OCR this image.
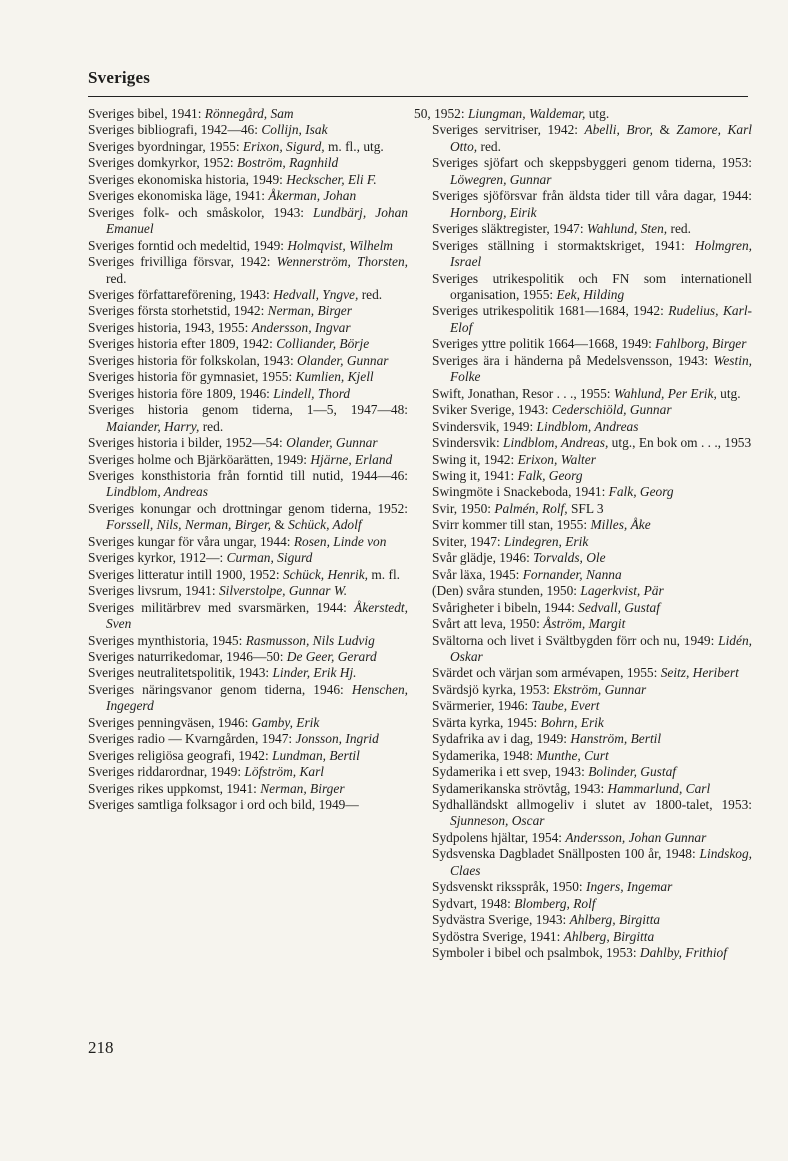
Sveriges

Sveriges bibel, 1941: Rönnegård, Sam

Sveriges bibliografi, 1942—46: Collijn, Isak

Sveriges byordningar, 1955: Erixon, Sigurd, m. fl., utg.

Sveriges domkyrkor, 1952: Boström, Ragnhild

Sveriges ekonomiska historia, 1949: Heckscher, Eli F.

Sveriges ekonomiska läge, 1941: Åkerman, Johan

Sveriges folk- och småskolor, 1943: Lundbärj, Johan Emanuel

Sveriges forntid och medeltid, 1949: Holmqvist, Wilhelm

Sveriges frivilliga försvar, 1942: Wennerström, Thorsten, red.

Sveriges författareförening, 1943: Hedvall, Yngve, red.

Sveriges första storhetstid, 1942: Nerman, Birger

Sveriges historia, 1943, 1955: Andersson, Ingvar

Sveriges historia efter 1809, 1942: Colliander, Börje

Sveriges historia för folkskolan, 1943: Olander, Gunnar

Sveriges historia för gymnasiet, 1955: Kumlien, Kjell

Sveriges historia före 1809, 1946: Lindell, Thord

Sveriges historia genom tiderna, 1—5, 1947—48: Maiander, Harry, red.

Sveriges historia i bilder, 1952—54: Olander, Gunnar

Sveriges holme och Bjärköarätten, 1949: Hjärne, Erland

Sveriges konsthistoria från forntid till nutid, 1944—46: Lindblom, Andreas

Sveriges konungar och drottningar genom tiderna, 1952: Forssell, Nils, Nerman, Birger, & Schück, Adolf

Sveriges kungar för våra ungar, 1944: Rosen, Linde von

Sveriges kyrkor, 1912—: Curman, Sigurd

Sveriges litteratur intill 1900, 1952: Schück, Henrik, m. fl.

Sveriges livsrum, 1941: Silverstolpe, Gunnar W.

Sveriges militärbrev med svarsmärken, 1944: Åkerstedt, Sven

Sveriges mynthistoria, 1945: Rasmusson, Nils Ludvig

Sveriges naturrikedomar, 1946—50: De Geer, Gerard

Sveriges neutralitetspolitik, 1943: Linder, Erik Hj.

Sveriges näringsvanor genom tiderna, 1946: Henschen, Ingegerd

Sveriges penningväsen, 1946: Gamby, Erik

Sveriges radio — Kvarngården, 1947: Jonsson, Ingrid

Sveriges religiösa geografi, 1942: Lundman, Bertil

Sveriges riddarordnar, 1949: Löfström, Karl

Sveriges rikes uppkomst, 1941: Nerman, Birger

Sveriges samtliga folksagor i ord och bild, 1949—

50, 1952: Liungman, Waldemar, utg.

Sveriges servitriser, 1942: Abelli, Bror, & Zamore, Karl Otto, red.

Sveriges sjöfart och skeppsbyggeri genom tiderna, 1953: Löwegren, Gunnar

Sveriges sjöförsvar från äldsta tider till våra dagar, 1944: Hornborg, Eirik

Sveriges släktregister, 1947: Wahlund, Sten, red.

Sveriges ställning i stormaktskriget, 1941: Holmgren, Israel

Sveriges utrikespolitik och FN som internationell organisation, 1955: Eek, Hilding

Sveriges utrikespolitik 1681—1684, 1942: Rudelius, Karl-Elof

Sveriges yttre politik 1664—1668, 1949: Fahlborg, Birger

Sveriges ära i händerna på Medelsvensson, 1943: Westin, Folke

Swift, Jonathan, Resor . . ., 1955: Wahlund, Per Erik, utg.

Sviker Sverige, 1943: Cederschiöld, Gunnar

Svindersvik, 1949: Lindblom, Andreas

Svindersvik: Lindblom, Andreas, utg., En bok om . . ., 1953

Swing it, 1942: Erixon, Walter

Swing it, 1941: Falk, Georg

Swingmöte i Snackeboda, 1941: Falk, Georg

Svir, 1950: Palmén, Rolf, SFL 3

Svirr kommer till stan, 1955: Milles, Åke

Sviter, 1947: Lindegren, Erik

Svår glädje, 1946: Torvalds, Ole

Svår läxa, 1945: Fornander, Nanna

(Den) svåra stunden, 1950: Lagerkvist, Pär

Svårigheter i bibeln, 1944: Sedvall, Gustaf

Svårt att leva, 1950: Åström, Margit

Svältorna och livet i Svältbygden förr och nu, 1949: Lidén, Oskar

Svärdet och värjan som armévapen, 1955: Seitz, Heribert

Svärdsjö kyrka, 1953: Ekström, Gunnar

Svärmerier, 1946: Taube, Evert

Svärta kyrka, 1945: Bohrn, Erik

Sydafrika av i dag, 1949: Hanström, Bertil

Sydamerika, 1948: Munthe, Curt

Sydamerika i ett svep, 1943: Bolinder, Gustaf

Sydamerikanska strövtåg, 1943: Hammarlund, Carl

Sydhalländskt allmogeliv i slutet av 1800-talet, 1953: Sjunneson, Oscar

Sydpolens hjältar, 1954: Andersson, Johan Gunnar

Sydsvenska Dagbladet Snällposten 100 år, 1948: Lindskog, Claes

Sydsvenskt riksspråk, 1950: Ingers, Ingemar

Sydvart, 1948: Blomberg, Rolf

Sydvästra Sverige, 1943: Ahlberg, Birgitta

Sydöstra Sverige, 1941: Ahlberg, Birgitta

Symboler i bibel och psalmbok, 1953: Dahlby, Frithiof

218
